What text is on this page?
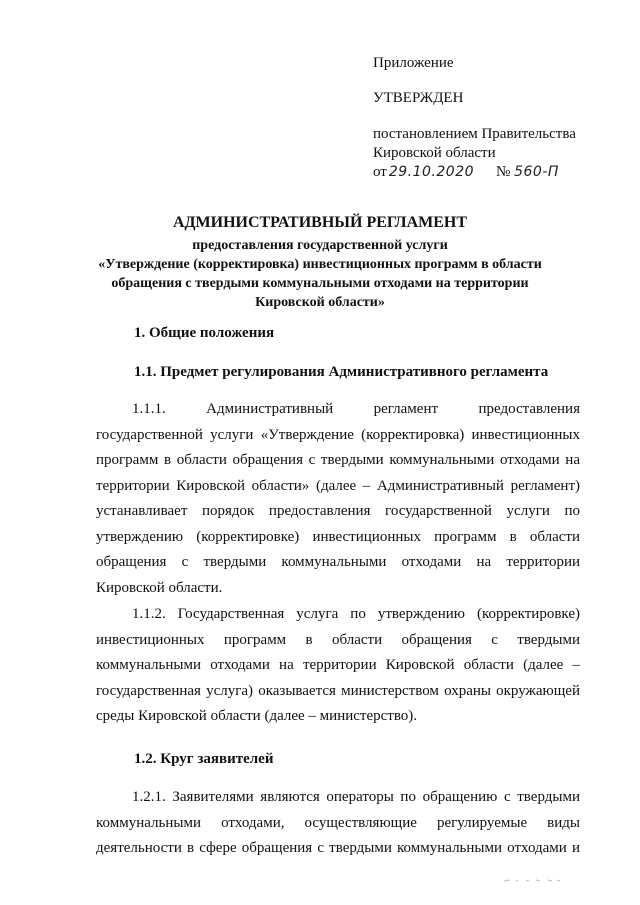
Приложение
УТВЕРЖДЕН
постановлением Правительства
Кировской области
от 29.10.2020 № 560-П
АДМИНИСТРАТИВНЫЙ РЕГЛАМЕНТ
предоставления государственной услуги
«Утверждение (корректировка) инвестиционных программ в области
обращения с твердыми коммунальными отходами на территории
Кировской области»
1. Общие положения
1.1. Предмет регулирования Административного регламента
1.1.1. Административный регламент предоставления государственной услуги «Утверждение (корректировка) инвестиционных программ в области обращения с твердыми коммунальными отходами на территории Кировской области» (далее – Административный регламент) устанавливает порядок предоставления государственной услуги по утверждению (корректировке) инвестиционных программ в области обращения с твердыми коммунальными отходами на территории Кировской области.
1.1.2. Государственная услуга по утверждению (корректировке) инвестиционных программ в области обращения с твердыми коммунальными отходами на территории Кировской области (далее – государственная услуга) оказывается министерством охраны окружающей среды Кировской области (далее – министерство).
1.2. Круг заявителей
1.2.1. Заявителями являются операторы по обращению с твердыми коммунальными отходами, осуществляющие регулируемые виды деятельности в сфере обращения с твердыми коммунальными отходами и
